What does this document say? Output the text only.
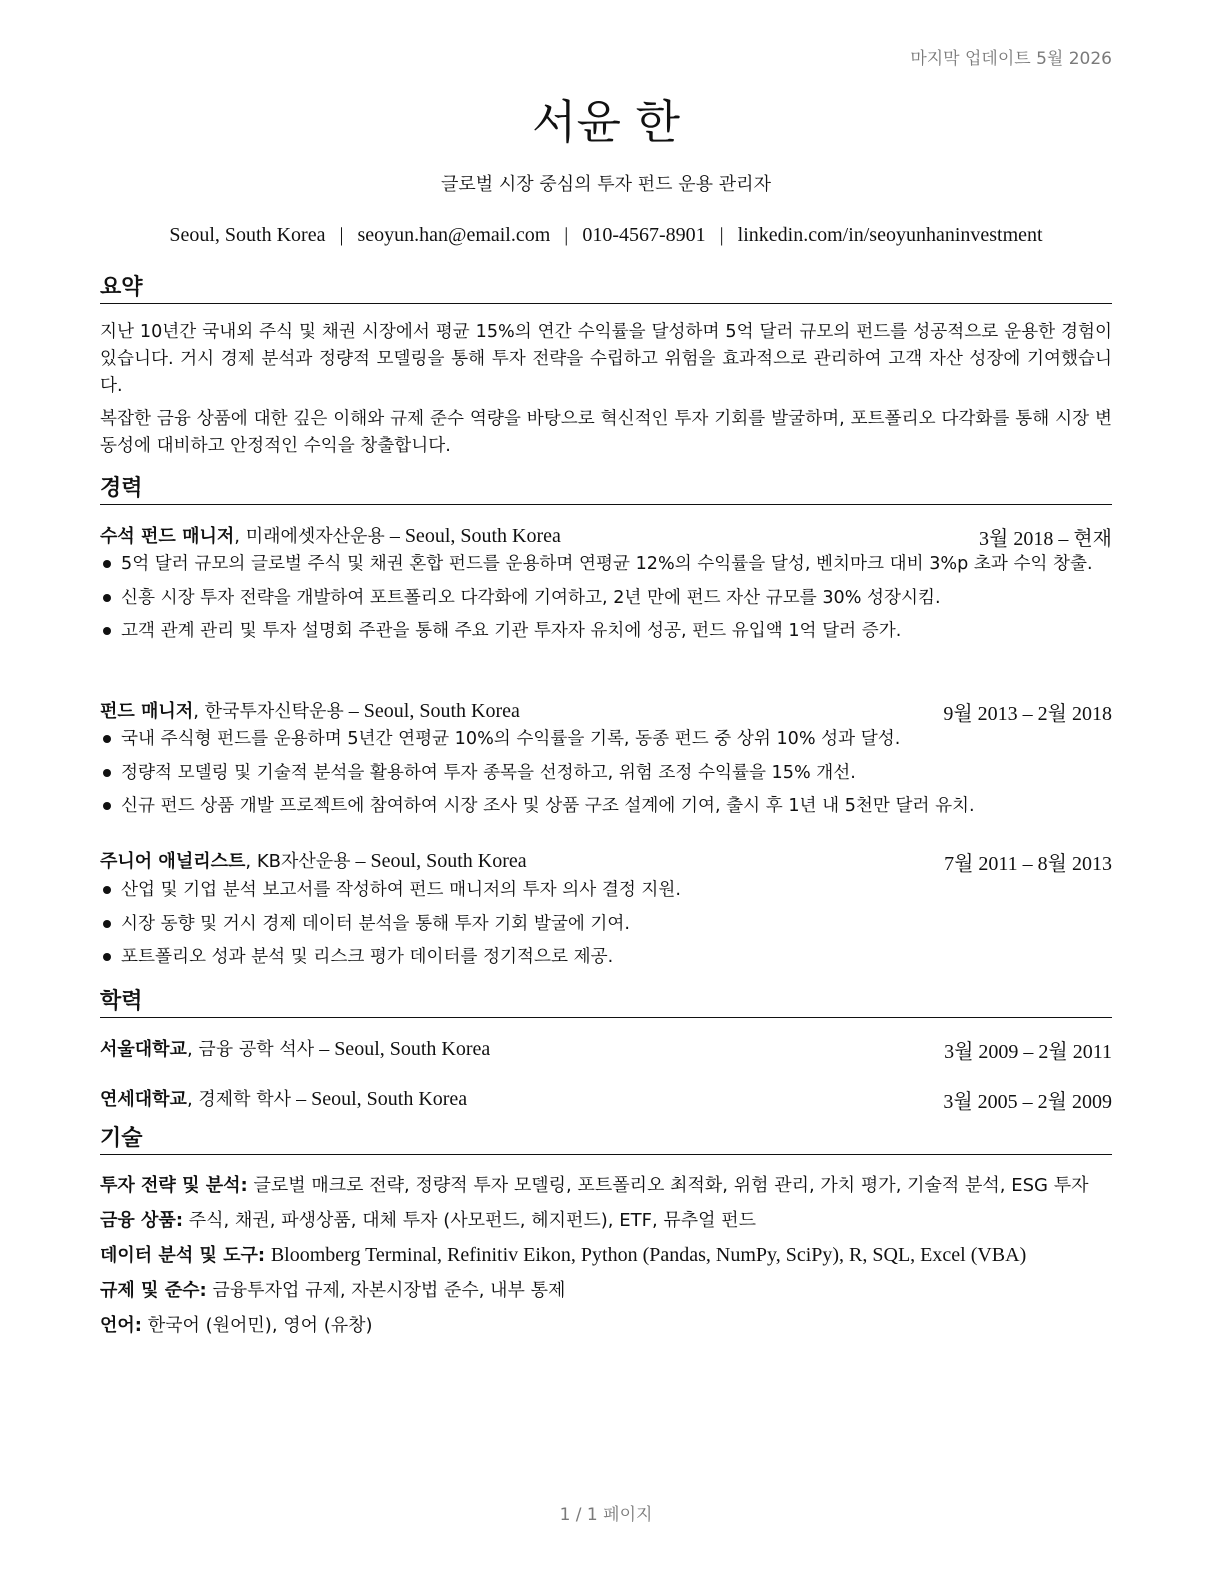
마지막 업데이트 5월 2026
서윤 한
글로벌 시장 중심의 투자 펀드 운용 관리자
Seoul, South Korea | seoyun.han@email.com | 010-4567-8901 | linkedin.com/in/seoyunhaninvestment
요약
지난 10년간 국내외 주식 및 채권 시장에서 평균 15%의 연간 수익률을 달성하며 5억 달러 규모의 펀드를 성공적으로 운용한 경험이 있습니다. 거시 경제 분석과 정량적 모델링을 통해 투자 전략을 수립하고 위험을 효과적으로 관리하여 고객 자산 성장에 기여했습니다.
복잡한 금융 상품에 대한 깊은 이해와 규제 준수 역량을 바탕으로 혁신적인 투자 기회를 발굴하며, 포트폴리오 다각화를 통해 시장 변동성에 대비하고 안정적인 수익을 창출합니다.
경력
수석 펀드 매니저, 미래에셋자산운용 – Seoul, South Korea	3월 2018 – 현재
5억 달러 규모의 글로벌 주식 및 채권 혼합 펀드를 운용하며 연평균 12%의 수익률을 달성, 벤치마크 대비 3%p 초과 수익 창출.
신흥 시장 투자 전략을 개발하여 포트폴리오 다각화에 기여하고, 2년 만에 펀드 자산 규모를 30% 성장시킴.
고객 관계 관리 및 투자 설명회 주관을 통해 주요 기관 투자자 유치에 성공, 펀드 유입액 1억 달러 증가.
펀드 매니저, 한국투자신탁운용 – Seoul, South Korea	9월 2013 – 2월 2018
국내 주식형 펀드를 운용하며 5년간 연평균 10%의 수익률을 기록, 동종 펀드 중 상위 10% 성과 달성.
정량적 모델링 및 기술적 분석을 활용하여 투자 종목을 선정하고, 위험 조정 수익률을 15% 개선.
신규 펀드 상품 개발 프로젝트에 참여하여 시장 조사 및 상품 구조 설계에 기여, 출시 후 1년 내 5천만 달러 유치.
주니어 애널리스트, KB자산운용 – Seoul, South Korea	7월 2011 – 8월 2013
산업 및 기업 분석 보고서를 작성하여 펀드 매니저의 투자 의사 결정 지원.
시장 동향 및 거시 경제 데이터 분석을 통해 투자 기회 발굴에 기여.
포트폴리오 성과 분석 및 리스크 평가 데이터를 정기적으로 제공.
학력
서울대학교, 금융 공학 석사 – Seoul, South Korea	3월 2009 – 2월 2011
연세대학교, 경제학 학사 – Seoul, South Korea	3월 2005 – 2월 2009
기술
투자 전략 및 분석: 글로벌 매크로 전략, 정량적 투자 모델링, 포트폴리오 최적화, 위험 관리, 가치 평가, 기술적 분석, ESG 투자
금융 상품: 주식, 채권, 파생상품, 대체 투자 (사모펀드, 헤지펀드), ETF, 뮤추얼 펀드
데이터 분석 및 도구: Bloomberg Terminal, Refinitiv Eikon, Python (Pandas, NumPy, SciPy), R, SQL, Excel (VBA)
규제 및 준수: 금융투자업 규제, 자본시장법 준수, 내부 통제
언어: 한국어 (원어민), 영어 (유창)
1 / 1 페이지
